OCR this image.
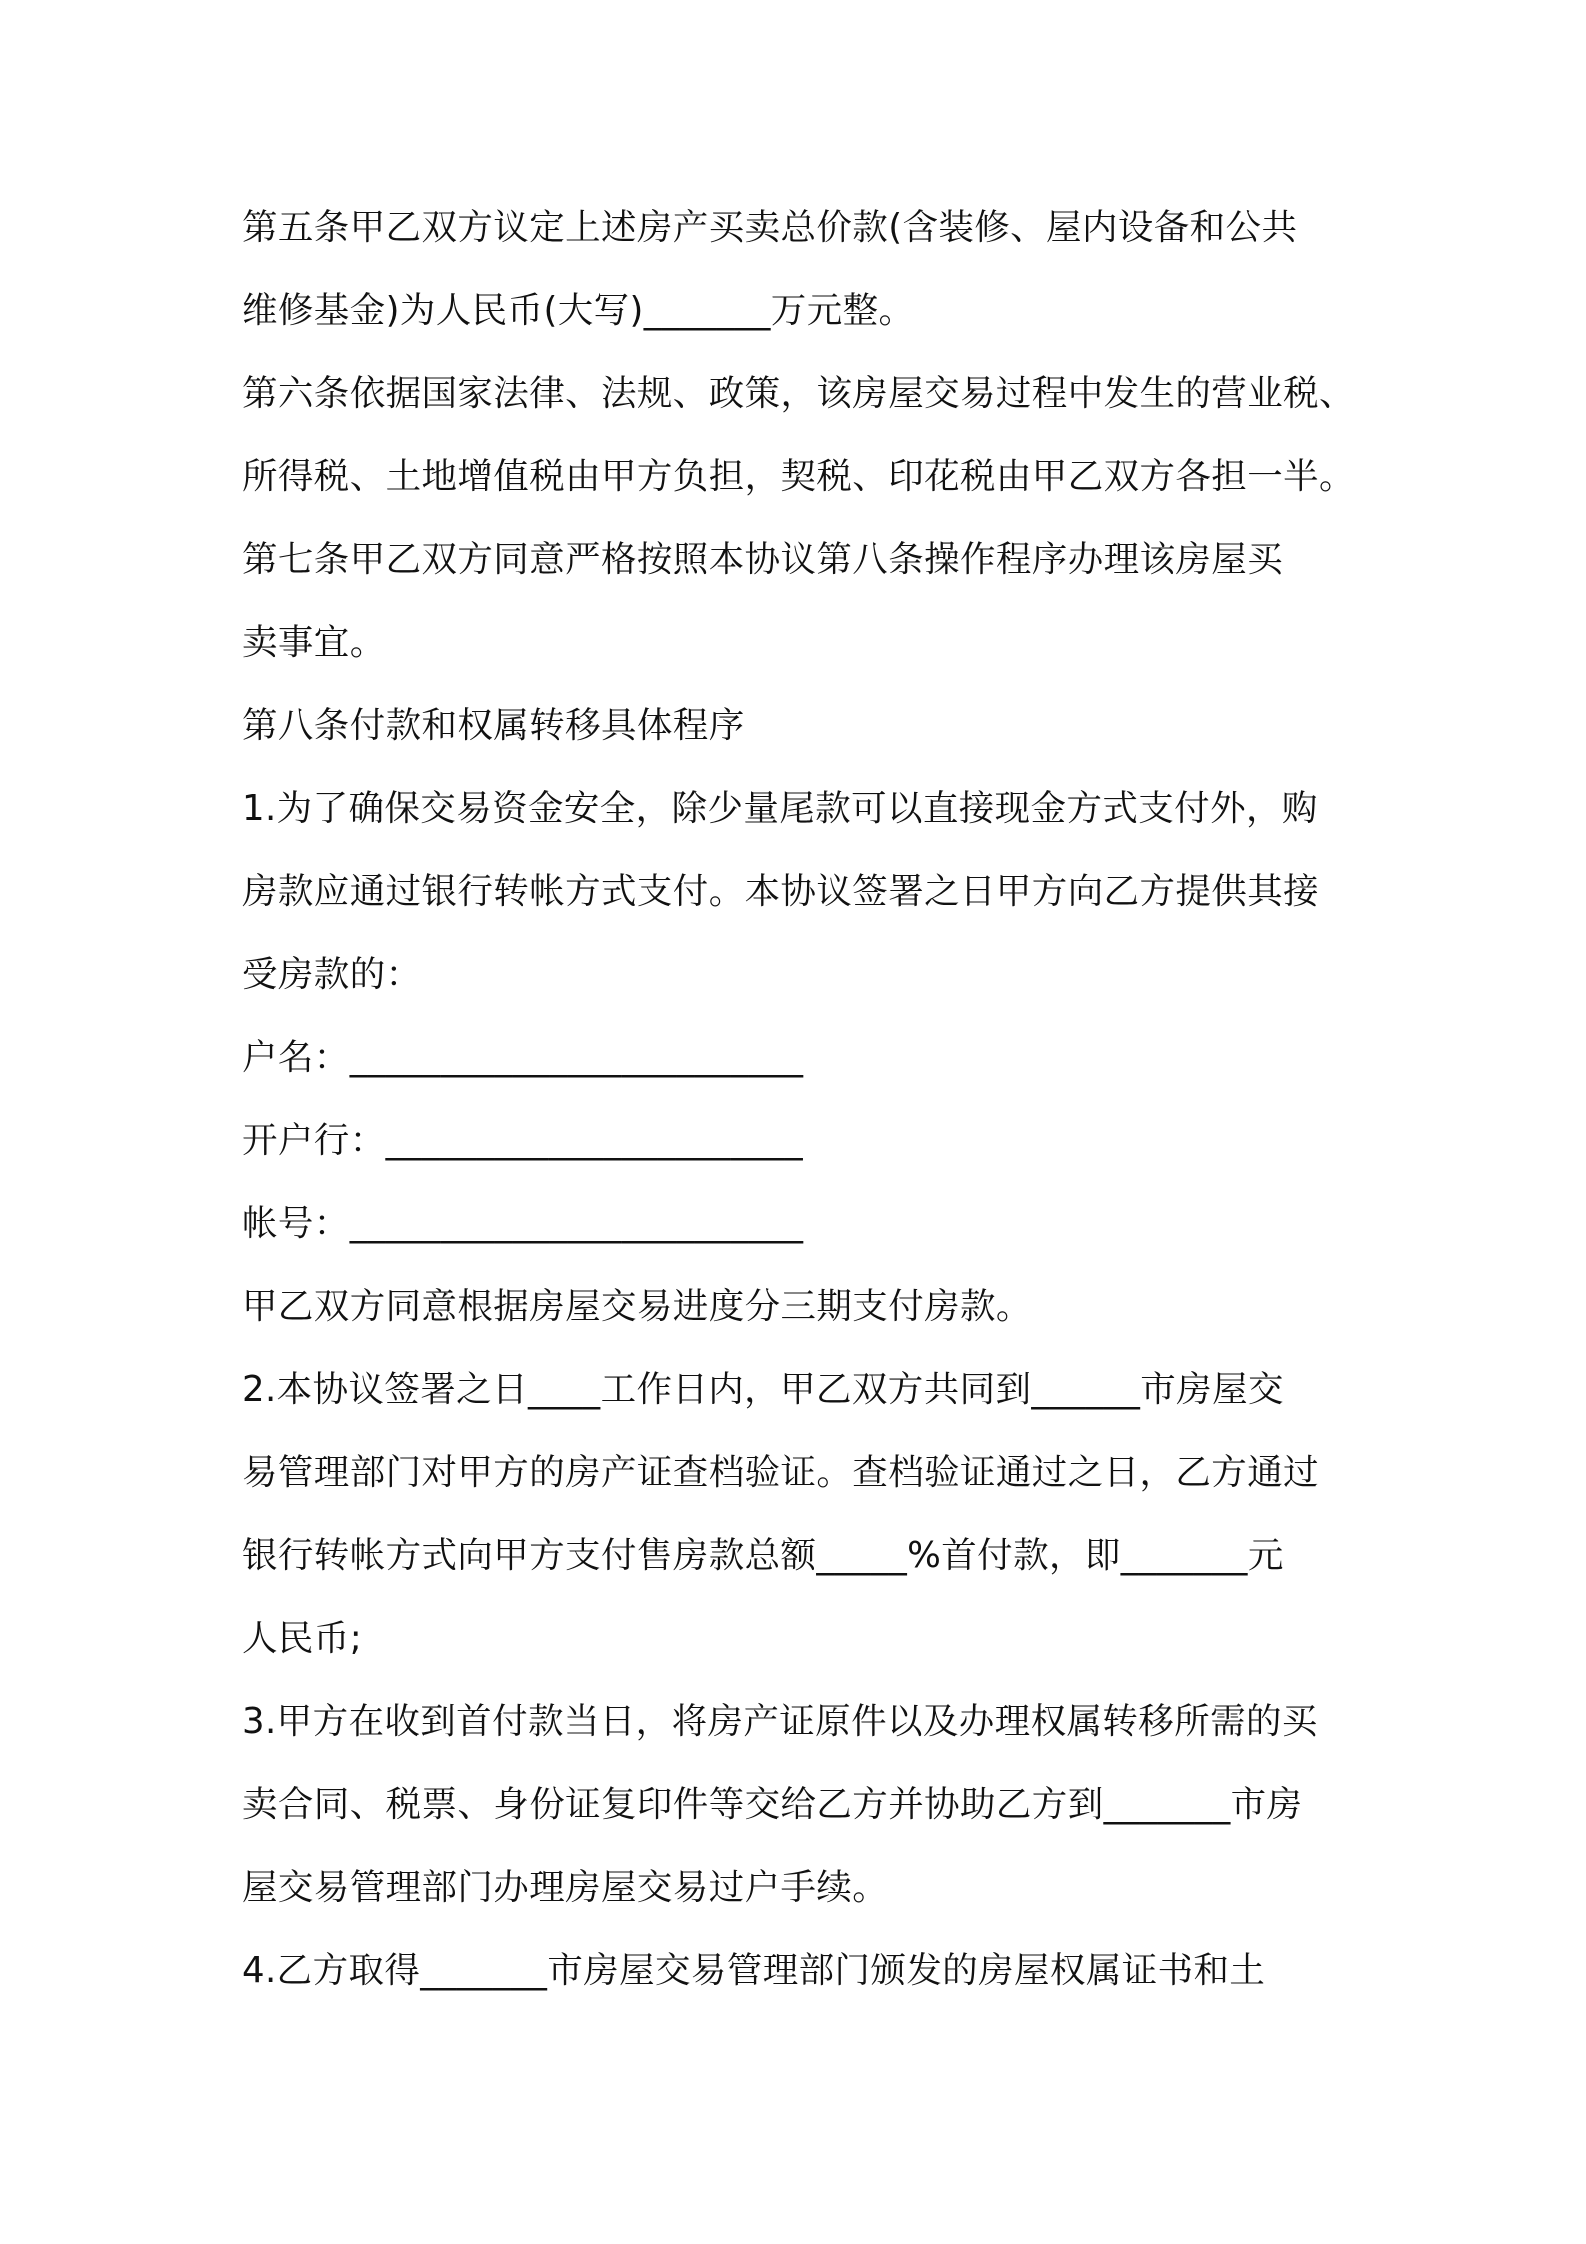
第五条甲乙双方议定上述房产买卖总价款(含装修、屋内设备和公共
维修基金)为人民币(大写)_______万元整。
第六条依据国家法律、法规、政策，该房屋交易过程中发生的营业税、
所得税、土地增值税由甲方负担，契税、印花税由甲乙双方各担一半。
第七条甲乙双方同意严格按照本协议第八条操作程序办理该房屋买
卖事宜。
第八条付款和权属转移具体程序
1.为了确保交易资金安全，除少量尾款可以直接现金方式支付外，购
房款应通过银行转帐方式支付。本协议签署之日甲方向乙方提供其接
受房款的：
户名：_________________________
开户行：_______________________
帐号：_________________________
甲乙双方同意根据房屋交易进度分三期支付房款。
2.本协议签署之日____工作日内，甲乙双方共同到______市房屋交
易管理部门对甲方的房产证查档验证。查档验证通过之日，乙方通过
银行转帐方式向甲方支付售房款总额_____%首付款，即_______元
人民币;
3.甲方在收到首付款当日，将房产证原件以及办理权属转移所需的买
卖合同、税票、身份证复印件等交给乙方并协助乙方到_______市房
屋交易管理部门办理房屋交易过户手续。
4.乙方取得_______市房屋交易管理部门颁发的房屋权属证书和土
